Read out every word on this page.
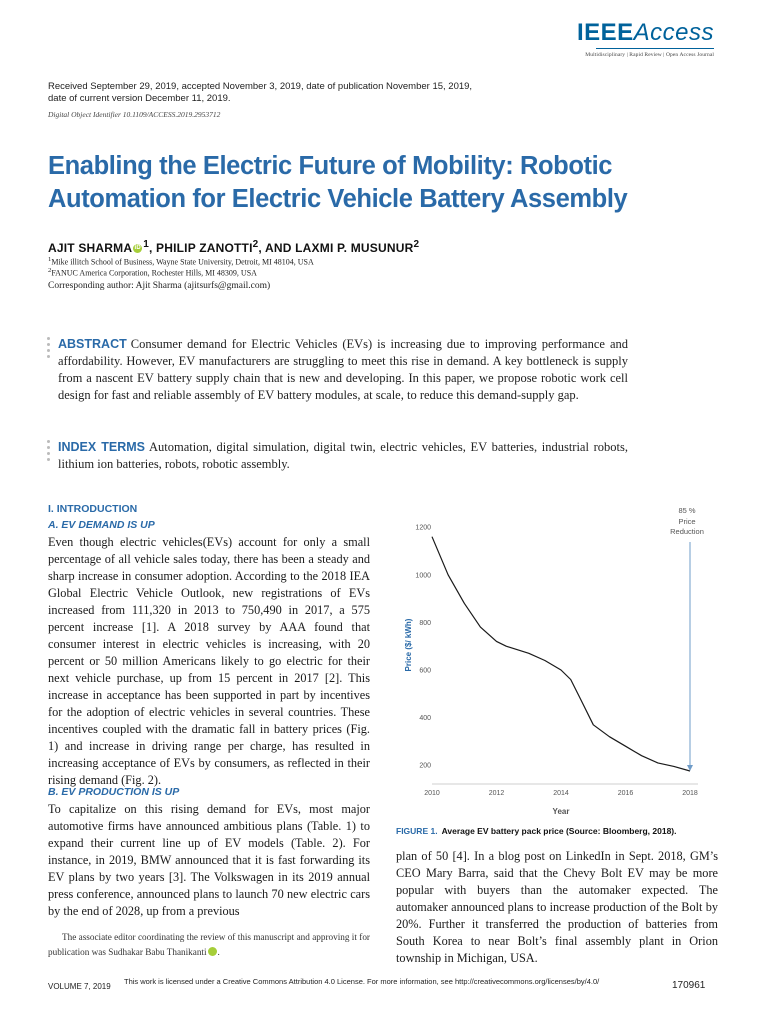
IEEEAccess
Multidisciplinary | Rapid Review | Open Access Journal
Received September 29, 2019, accepted November 3, 2019, date of publication November 15, 2019,
date of current version December 11, 2019.
Digital Object Identifier 10.1109/ACCESS.2019.2953712
Enabling the Electric Future of Mobility: Robotic Automation for Electric Vehicle Battery Assembly
AJIT SHARMA iD $^1$, PHILIP ZANOTTI$^2$, AND LAXMI P. MUSUNUR$^2$
$^1$Mike illitch School of Business, Wayne State University, Detroit, MI 48104, USA
$^2$FANUC America Corporation, Rochester Hills, MI 48309, USA
Corresponding author: Ajit Sharma (ajitsurfs@gmail.com)
ABSTRACT Consumer demand for Electric Vehicles (EVs) is increasing due to improving performance and affordability. However, EV manufacturers are struggling to meet this rise in demand. A key bottleneck is supply from a nascent EV battery supply chain that is new and developing. In this paper, we propose robotic work cell design for fast and reliable assembly of EV battery modules, at scale, to reduce this demand-supply gap.
INDEX TERMS Automation, digital simulation, digital twin, electric vehicles, EV batteries, industrial robots, lithium ion batteries, robots, robotic assembly.
I. INTRODUCTION
A. EV DEMAND IS UP
Even though electric vehicles(EVs) account for only a small percentage of all vehicle sales today, there has been a steady and sharp increase in consumer adoption. According to the 2018 IEA Global Electric Vehicle Outlook, new registrations of EVs increased from 111,320 in 2013 to 750,490 in 2017, a 575 percent increase [1]. A 2018 survey by AAA found that consumer interest in electric vehicles is increasing, with 20 percent or 50 million Americans likely to go electric for their next vehicle purchase, up from 15 percent in 2017 [2]. This increase in acceptance has been supported in part by incentives for the adoption of electric vehicles in several countries. These incentives coupled with the dramatic fall in battery prices (Fig. 1) and increase in driving range per charge, has resulted in increasing acceptance of EVs by consumers, as reflected in their rising demand (Fig. 2).
B. EV PRODUCTION IS UP
To capitalize on this rising demand for EVs, most major automotive firms have announced ambitious plans (Table. 1) to expand their current line up of EV models (Table. 2). For instance, in 2019, BMW announced that it is fast forwarding its EV plans by two years [3]. The Volkswagen in its 2019 annual press conference, announced plans to launch 70 new electric cars by the end of 2028, up from a previous
The associate editor coordinating the review of this manuscript and approving it for publication was Sudhakar Babu Thanikanti	iD.
2010	2012	2014	2016	2018
1200
1000
800
600
400
200
Year
Price ($/ kWh)
85 %
Price
Reduction
FIGURE 1. Average EV battery pack price (Source: Bloomberg, 2018).
plan of 50 [4]. In a blog post on LinkedIn in Sept. 2018, GM’s CEO Mary Barra, said that the Chevy Bolt EV may be more popular with buyers than the automaker expected. The automaker announced plans to increase production of the Bolt by 20%. Further it transferred the production of batteries from South Korea to near Bolt’s final assembly plant in Orion township in Michigan, USA.
VOLUME 7, 2019
This work is licensed under a Creative Commons Attribution 4.0 License. For more information, see http://creativecommons.org/licenses/by/4.0/	170961
